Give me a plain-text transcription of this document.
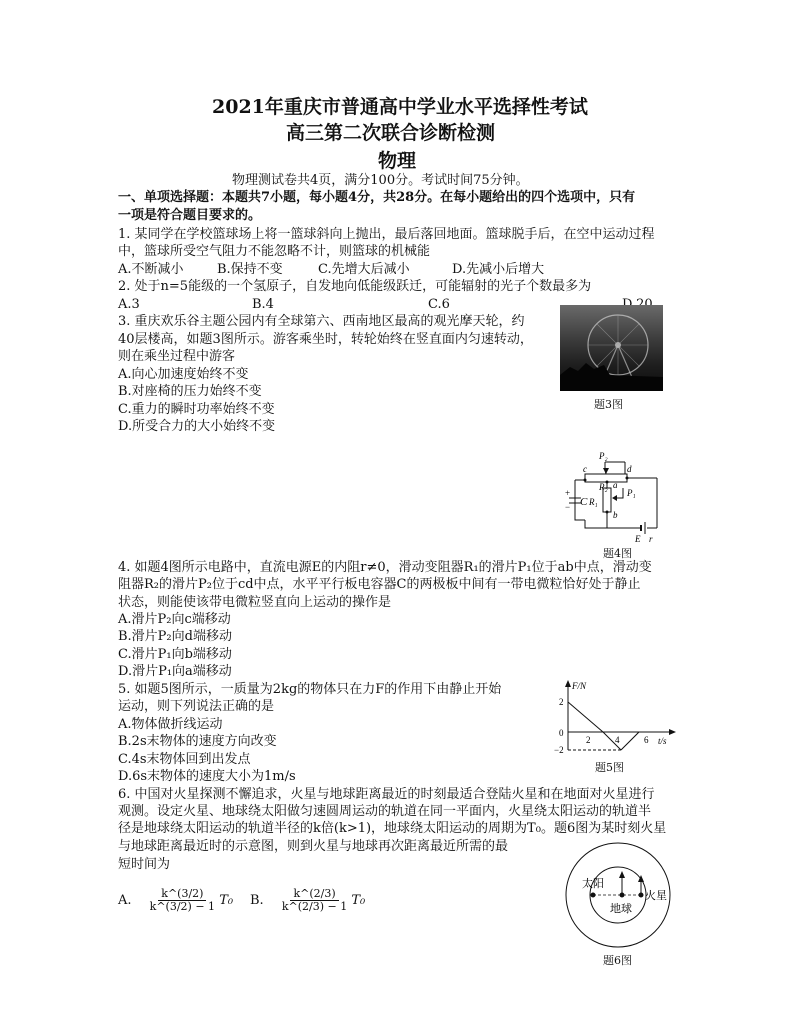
2021年重庆市普通高中学业水平选择性考试
高三第二次联合诊断检测
物理
物理测试卷共4页，满分100分。考试时间75分钟。
一、单项选择题：本题共7小题，每小题4分，共28分。在每小题给出的四个选项中，只有
一项是符合题目要求的。
1. 某同学在学校篮球场上将一篮球斜向上抛出，最后落回地面。篮球脱手后，在空中运动过程
中，篮球所受空气阻力不能忽略不计，则篮球的机械能
A.不断减小	B.保持不变	C.先增大后减小	D.先减小后增大
2. 处于n=5能级的一个氢原子，自发地向低能级跃迁，可能辐射的光子个数最多为
A.3	B.4	C.6
3. 重庆欢乐谷主题公园内有全球第六、西南地区最高的观光摩天轮，约
40层楼高，如题3图所示。游客乘坐时，转轮始终在竖直面内匀速转动，
则在乘坐过程中游客
A.向心加速度始终不变
B.对座椅的压力始终不变
C.重力的瞬时功率始终不变
D.所受合力的大小始终不变
题3图
P₂
c	d
R₂ a
P₁
R₁
b
C
+
−
E r
题4图
4. 如题4图所示电路中，直流电源E的内阻r≠0，滑动变阻器R₁的滑片P₁位于ab中点，滑动变
阻器R₂的滑片P₂位于cd中点，水平平行板电容器C的两极板中间有一带电微粒恰好处于静止
状态，则能使该带电微粒竖直向上运动的操作是
A.滑片P₂向c端移动
B.滑片P₂向d端移动
C.滑片P₁向b端移动
D.滑片P₁向a端移动
5. 如题5图所示，一质量为2kg的物体只在力F的作用下由静止开始
运动，则下列说法正确的是
A.物体做折线运动
B.2s末物体的速度方向改变
C.4s末物体回到出发点
D.6s末物体的速度大小为1m/s
F/N
t/s
2
−2
0
2	4	6
题5图
6. 中国对火星探测不懈追求，火星与地球距离最近的时刻最适合登陆火星和在地面对火星进行
观测。设定火星、地球绕太阳做匀速圆周运动的轨道在同一平面内，火星绕太阳运动的轨道半
径是地球绕太阳运动的轨道半径的k倍(k>1)，地球绕太阳运动的周期为T₀。题6图为某时刻火星
与地球距离最近时的示意图，则到火星与地球再次距离最近所需的最
短时间为
A. $\frac{k\^{}(3/2)}{k\^{}(3/2) - 1} T_0$ B. $\frac{k\^{}(2/3)}{k\^{}(2/3) - 1} T_0$
太阳
地球
火星
题6图
